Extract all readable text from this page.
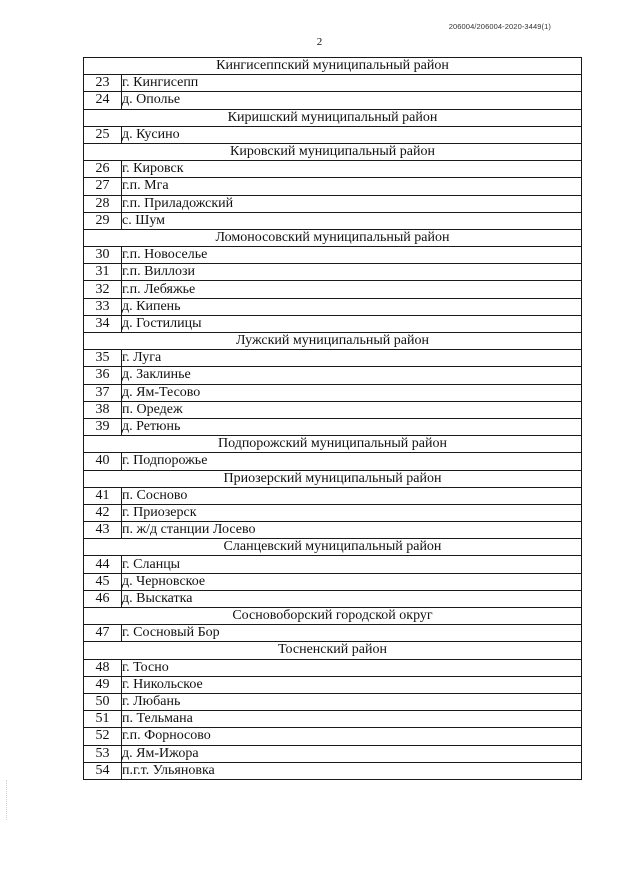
206004/206004-2020-3449(1)
2
Кингисеппский муниципальный район	
23	г. Кингисепп
24	д. Ополье
Киришский муниципальный район	
25	д. Кусино
Кировский муниципальный район	
26	г. Кировск
27	г.п. Мга
28	г.п. Приладожский
29	с. Шум
Ломоносовский муниципальный район	
30	г.п. Новоселье
31	г.п. Виллози
32	г.п. Лебяжье
33	д. Кипень
34	д. Гостилицы
Лужский муниципальный район	
35	г. Луга
36	д. Заклинье
37	д. Ям-Тесово
38	п. Оредеж
39	д. Ретюнь
Подпорожский муниципальный район	
40	г. Подпорожье
Приозерский муниципальный район	
41	п. Сосново
42	г. Приозерск
43	п. ж/д станции Лосево
Сланцевский муниципальный район	
44	г. Сланцы
45	д. Черновское
46	д. Выскатка
Сосновоборский городской округ	
47	г. Сосновый Бор
Тосненский район	
48	г. Тосно
49	г. Никольское
50	г. Любань
51	п. Тельмана
52	г.п. Форносово
53	д. Ям-Ижора
54	п.г.т. Ульяновка
